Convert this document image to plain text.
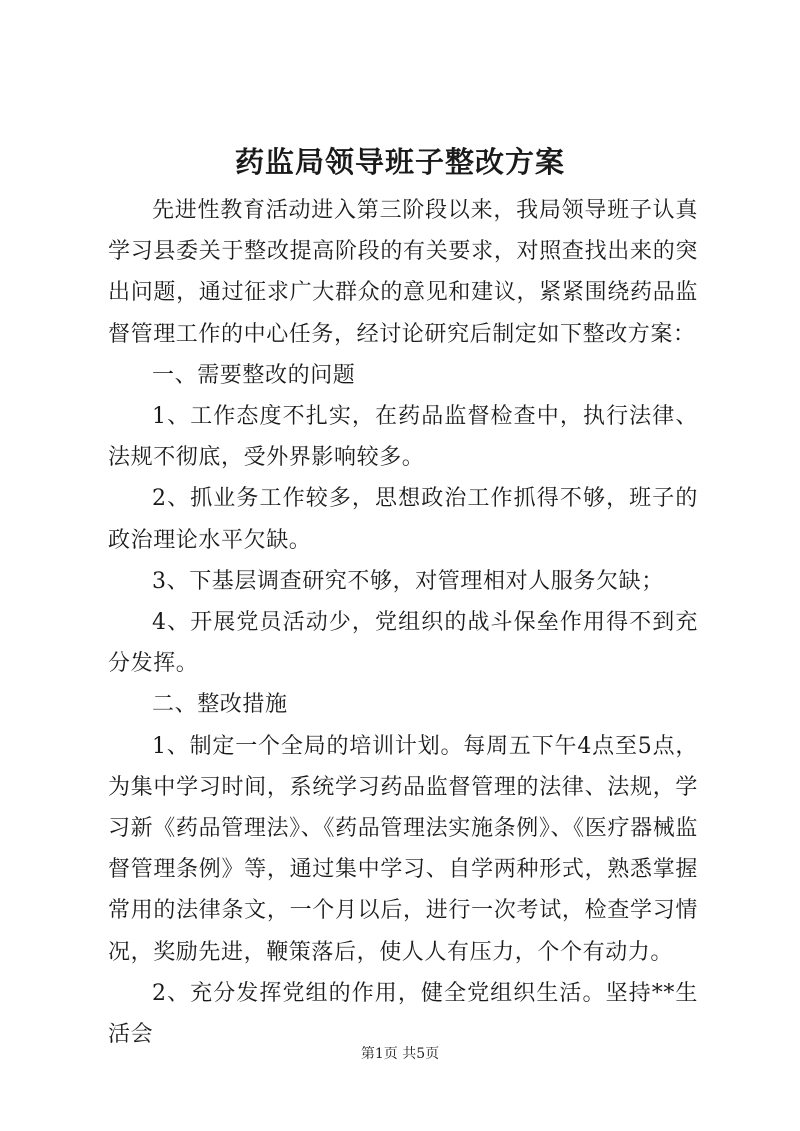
药监局领导班子整改方案

先进性教育活动进入第三阶段以来，我局领导班子认真学习县委关于整改提高阶段的有关要求，对照查找出来的突出问题，通过征求广大群众的意见和建议，紧紧围绕药品监督管理工作的中心任务，经讨论研究后制定如下整改方案：

一、需要整改的问题

1、工作态度不扎实，在药品监督检查中，执行法律、法规不彻底，受外界影响较多。

2、抓业务工作较多，思想政治工作抓得不够，班子的政治理论水平欠缺。

3、下基层调查研究不够，对管理相对人服务欠缺；

4、开展党员活动少，党组织的战斗保垒作用得不到充分发挥。

二、整改措施

1、制定一个全局的培训计划。每周五下午4点至5点，为集中学习时间，系统学习药品监督管理的法律、法规，学习新《药品管理法》、《药品管理法实施条例》、《医疗器械监督管理条例》等，通过集中学习、自学两种形式，熟悉掌握常用的法律条文，一个月以后，进行一次考试，检查学习情况，奖励先进，鞭策落后，使人人有压力，个个有动力。

2、充分发挥党组的作用，健全党组织生活。坚持**生活会

第1页 共5页
